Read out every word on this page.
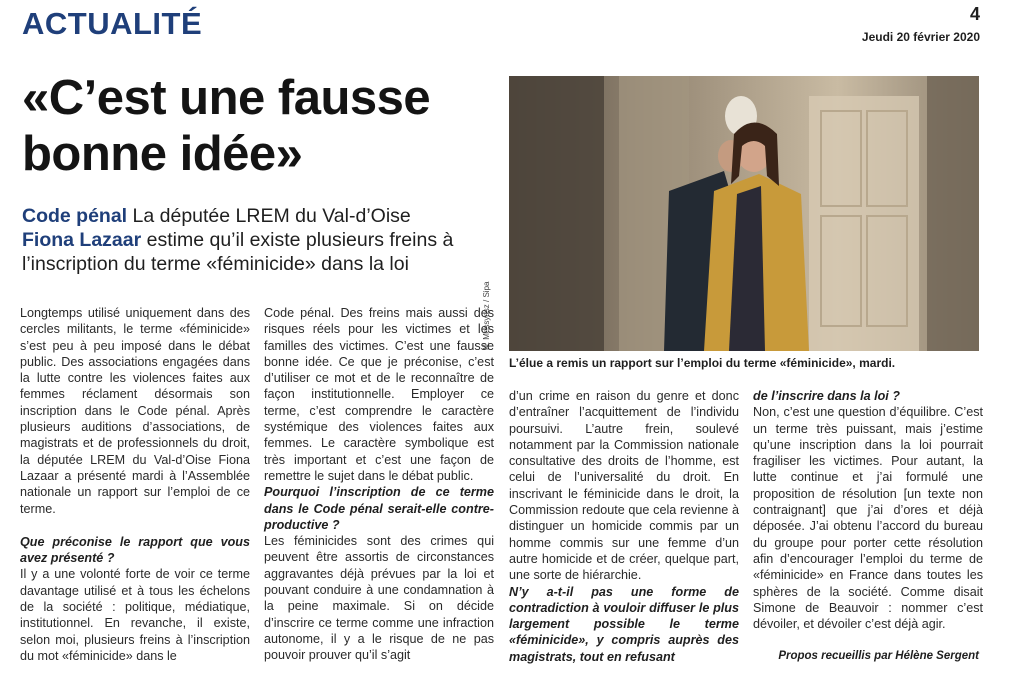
ACTUALITÉ	4
Jeudi 20 février 2020
«C’est une fausse
bonne idée»
Code pénal La députée LREM du Val-d’Oise
Fiona Lazaar estime qu’il existe plusieurs freins à l’inscription du terme «féminicide» dans la loi
N. Messyasz / Sipa
L’élue a remis un rapport sur l’emploi du terme «féminicide», mardi.

Longtemps utilisé uniquement dans des cercles militants, le terme «féminicide» s’est peu à peu imposé dans le débat public. Des associations engagées dans la lutte contre les violences faites aux femmes réclament désormais son inscription dans le Code pénal. Après plusieurs auditions d’associations, de magistrats et de professionnels du droit, la députée LREM du Val-d’Oise Fiona Lazaar a présenté mardi à l’Assemblée nationale un rapport sur l’emploi de ce terme.

Que préconise le rapport que vous avez présenté ?

Il y a une volonté forte de voir ce terme davantage utilisé et à tous les échelons de la société : politique, médiatique, institutionnel. En revanche, il existe, selon moi, plusieurs freins à l’inscription du mot «féminicide» dans le

Code pénal. Des freins mais aussi des risques réels pour les victimes et les familles des victimes. C’est une fausse bonne idée. Ce que je préconise, c’est d’utiliser ce mot et de le reconnaître de façon institutionnelle. Employer ce terme, c’est comprendre le caractère systémique des violences faites aux femmes. Le caractère symbolique est très important et c’est une façon de remettre le sujet dans le débat public.

Pourquoi l’inscription de ce terme dans le Code pénal serait-elle contre-productive ?

Les féminicides sont des crimes qui peuvent être assortis de circonstances aggravantes déjà prévues par la loi et pouvant conduire à une condamnation à la peine maximale. Si on décide d’inscrire ce terme comme une infraction autonome, il y a le risque de ne pas pouvoir prouver qu’il s’agit

d’un crime en raison du genre et donc d’entraîner l’acquittement de l’individu poursuivi. L’autre frein, soulevé notamment par la Commission nationale consultative des droits de l’homme, est celui de l’universalité du droit. En inscrivant le féminicide dans le droit, la Commission redoute que cela revienne à distinguer un homicide commis par un homme commis sur une femme d’un autre homicide et de créer, quelque part, une sorte de hiérarchie.

N’y a-t-il pas une forme de contradiction à vouloir diffuser le plus largement possible le terme «féminicide», y compris auprès des magistrats, tout en refusant

de l’inscrire dans la loi ?

Non, c’est une question d’équilibre. C’est un terme très puissant, mais j’estime qu’une inscription dans la loi pourrait fragiliser les victimes. Pour autant, la lutte continue et j’ai formulé une proposition de résolution [un texte non contraignant] que j’ai d’ores et déjà déposée. J’ai obtenu l’accord du bureau du groupe pour porter cette résolution afin d’encourager l’emploi du terme de «féminicide» en France dans toutes les sphères de la société. Comme disait Simone de Beauvoir : nommer c’est dévoiler, et dévoiler c’est déjà agir.

Propos recueillis par Hélène Sergent
